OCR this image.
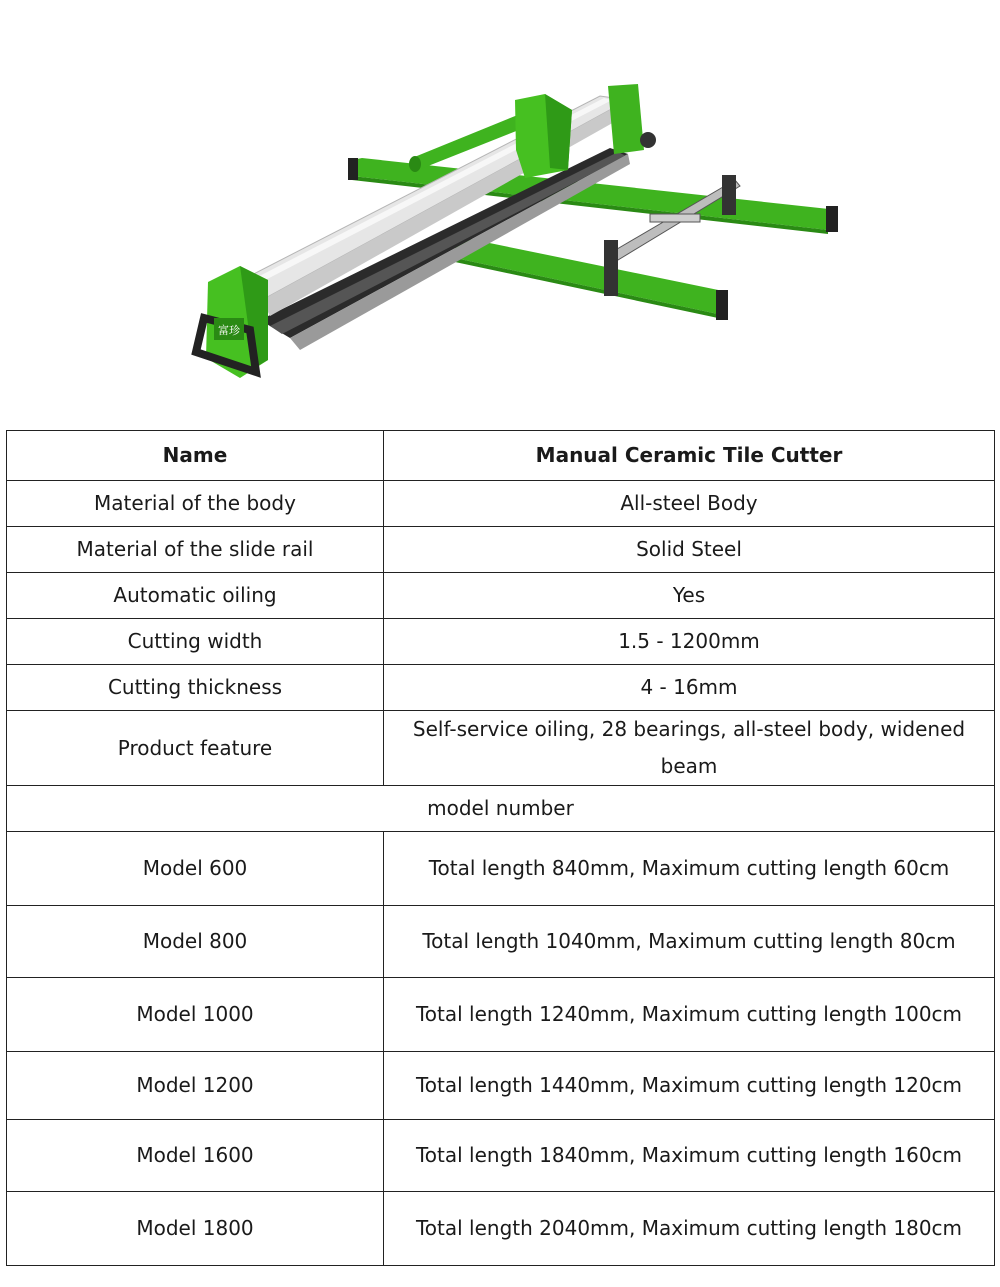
富珍
Name	Manual Ceramic Tile Cutter
Material of the body	All-steel Body
Material of the slide rail	Solid Steel
Automatic oiling	Yes
Cutting width	1.5 - 1200mm
Cutting thickness	4 - 16mm
Product feature	Self-service oiling, 28 bearings, all-steel body, widened beam
model number	
Model 600	Total length 840mm, Maximum cutting length 60cm
Model 800	Total length 1040mm, Maximum cutting length 80cm
Model 1000	Total length 1240mm, Maximum cutting length 100cm
Model 1200	Total length 1440mm, Maximum cutting length 120cm
Model 1600	Total length 1840mm, Maximum cutting length 160cm
Model 1800	Total length 2040mm, Maximum cutting length 180cm
